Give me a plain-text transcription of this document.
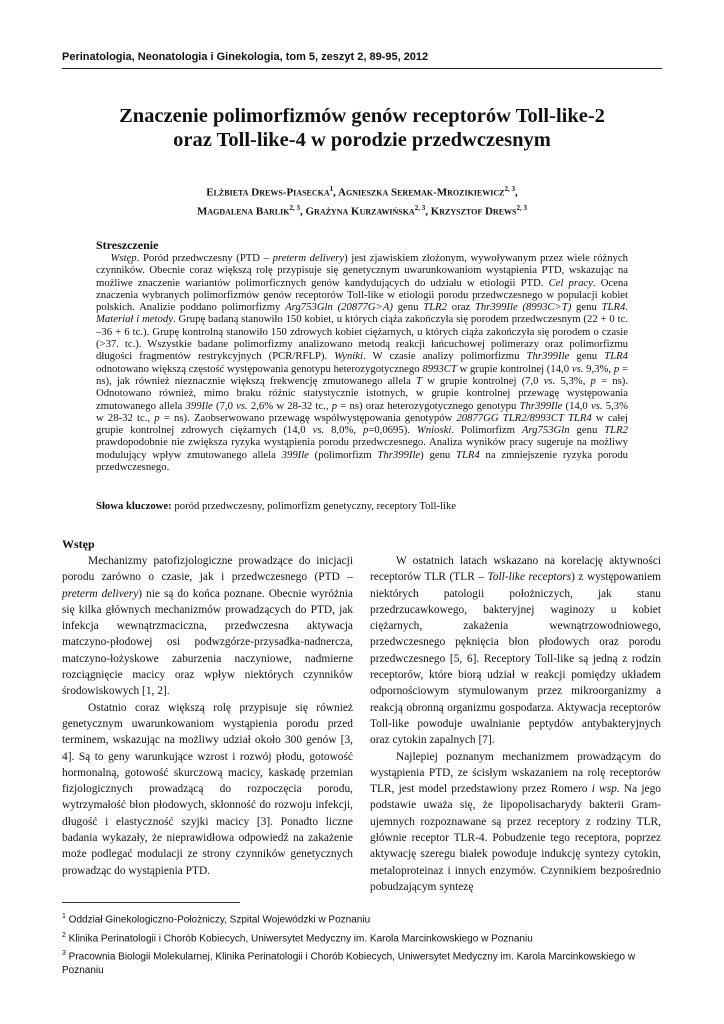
Perinatologia, Neonatologia i Ginekologia, tom 5, zeszyt 2, 89-95, 2012
Znaczenie polimorfizmów genów receptorów Toll-like-2
oraz Toll-like-4 w porodzie przedwczesnym
Elżbieta Drews-Piasecka$^1$, Agnieszka Seremak-Mrozikiewicz$^{2, 3}$,
Magdalena Barlik$^{2, 3}$, Grażyna Kurzawińska$^{2, 3}$, Krzysztof Drews$^{2, 3}$
Streszczenie
Wstęp. Poród przedwczesny (PTD – preterm delivery) jest zjawiskiem złożonym, wywoływanym przez wiele różnych czynników. Obecnie coraz większą rolę przypisuje się genetycznym uwarunkowaniom wystąpienia PTD, wskazując na możliwe znaczenie wariantów polimorficznych genów kandydujących do udziału w etiologii PTD. Cel pracy. Ocena znaczenia wybranych polimorfizmów genów receptorów Toll-like w etiologii porodu przedwczesnego w populacji kobiet polskich. Analizie poddano polimorfizmy Arg753Gln (20877G>A) genu TLR2 oraz Thr399Ile (8993C>T) genu TLR4. Materiał i metody. Grupę badaną stanowiło 150 kobiet, u których ciąża zakończyła się porodem przedwczesnym (22 + 0 tc. –36 + 6 tc.). Grupę kontrolną stanowiło 150 zdrowych kobiet ciężarnych, u których ciąża zakończyła się porodem o czasie (>37. tc.). Wszystkie badane polimorfizmy analizowano metodą reakcji łańcuchowej polimerazy oraz polimorfizmu długości fragmentów restrykcyjnych (PCR/RFLP). Wyniki. W czasie analizy polimorfizmu Thr399Ile genu TLR4 odnotowano większą częstość występowania genotypu heterozygotycznego 8993CT w grupie kontrolnej (14,0 vs. 9,3%, p = ns), jak również nieznacznie większą frekwencję zmutowanego allela T w grupie kontrolnej (7,0 vs. 5,3%, p = ns). Odnotowano również, mimo braku różnic statystycznie istotnych, w grupie kontrolnej przewagę występowania zmutowanego allela 399Ile (7,0 vs. 2,6% w 28-32 tc., p = ns) oraz heterozygotycznego genotypu Thr399Ile (14,0 vs. 5,3% w 28-32 tc., p = ns). Zaobserwowano przewagę współwystępowania genotypów 20877GG TLR2/8993CT TLR4 w całej grupie kontrolnej zdrowych ciężarnych (14,0 vs. 8,0%, p=0,0695). Wnioski. Polimorfizm Arg753Gln genu TLR2 prawdopodobnie nie zwiększa ryzyka wystąpienia porodu przedwczesnego. Analiza wyników pracy sugeruje na możliwy modulujący wpływ zmutowanego allela 399Ile (polimorfizm Thr399Ile) genu TLR4 na zmniejszenie ryzyka porodu przedwczesnego.
Słowa kluczowe: poród przedwczesny, polimorfizm genetyczny, receptory Toll-like
Wstęp

Mechanizmy patofizjologiczne prowadzące do inicjacji porodu zarówno o czasie, jak i przedwczesnego (PTD – preterm delivery) nie są do końca poznane. Obecnie wyróżnia się kilka głównych mechanizmów prowadzących do PTD, jak infekcja wewnątrzmaciczna, przedwczesna aktywacja matczyno-płodowej osi podwzgórze-przysadka-nadnercza, matczyno-łożyskowe zaburzenia naczyniowe, nadmierne rozciągnięcie macicy oraz wpływ niektórych czynników środowiskowych [1, 2].

Ostatnio coraz większą rolę przypisuje się również genetycznym uwarunkowaniom wystąpienia porodu przed terminem, wskazując na możliwy udział około 300 genów [3, 4]. Są to geny warunkujące wzrost i rozwój płodu, gotowość hormonalną, gotowość skurczową macicy, kaskadę przemian fizjologicznych prowadzącą do rozpoczęcia porodu, wytrzymałość błon płodowych, skłonność do rozwoju infekcji, długość i elastyczność szyjki macicy [3]. Ponadto liczne badania wykazały, że nieprawidłowa odpowiedź na zakażenie może podlegać modulacji ze strony czynników genetycznych prowadząc do wystąpienia PTD.

W ostatnich latach wskazano na korelację aktywności receptorów TLR (TLR – Toll-like receptors) z występowaniem niektórych patologii położniczych, jak stanu przedrzucawkowego, bakteryjnej waginozy u kobiet ciężarnych, zakażenia wewnątrzowodniowego, przedwczesnego pęknięcia błon płodowych oraz porodu przedwczesnego [5, 6]. Receptory Toll-like są jedną z rodzin receptorów, które biorą udział w reakcji pomiędzy układem odpornościowym stymulowanym przez mikroorganizmy a reakcją obronną organizmu gospodarza. Aktywacja receptorów Toll-like powoduje uwalnianie peptydów antybakteryjnych oraz cytokin zapalnych [7].

Najlepiej poznanym mechanizmem prowadzącym do wystąpienia PTD, ze ścisłym wskazaniem na rolę receptorów TLR, jest model przedstawiony przez Romero i wsp. Na jego podstawie uważa się, że lipopolisacharydy bakterii Gram-ujemnych rozpoznawane są przez receptory z rodziny TLR, głównie receptor TLR-4. Pobudzenie tego receptora, poprzez aktywację szeregu białek powoduje indukcję syntezy cytokin, metaloproteinaz i innych enzymów. Czynnikiem bezpośrednio pobudzającym syntezę

$^1$ Oddział Ginekologiczno-Położniczy, Szpital Wojewódzki w Poznaniu
$^2$ Klinika Perinatologii i Chorób Kobiecych, Uniwersytet Medyczny im. Karola Marcinkowskiego w Poznaniu
$^3$ Pracownia Biologii Molekularnej, Klinika Perinatologii i Chorób Kobiecych, Uniwersytet Medyczny im. Karola Marcinkowskiego w Poznaniu
